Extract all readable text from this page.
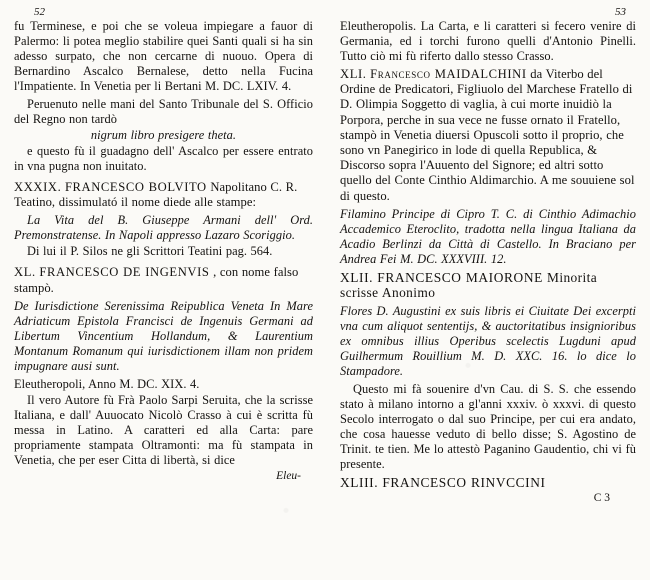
52

fu Terminese, e poi che se voleua impiegare a fauor di Palermo: li potea meglio stabilire quei Santi quali si ha sin adesso surpato, che non cercarne di nuouo. Opera di Bernardino Ascalco Bernalese, detto nella Fucina l'Impatiente. In Venetia per li Bertani M. DC. LXIV. 4.

Peruenuto nelle mani del Santo Tribunale del S. Officio del Regno non tardò

nigrum libro presigere theta.

e questo fù il guadagno dell' Ascalco per essere entrato in vna pugna non inuitato.

XXXIX. FRANCESCO BOLVITO Napolitano C. R. Teatino, dissimulató il nome diede alle stampe:

La Vita del B. Giuseppe Armani dell' Ord. Premonstratense. In Napoli appresso Lazaro Scoriggio.

Di lui il P. Silos ne gli Scrittori Teatini pag. 564.

XL. FRANCESCO DE INGENVIS , con nome falso stampò.

De Iurisdictione Serenissima Reipublica Veneta In Mare Adriaticum Epistola Francisci de Ingenuis Germani ad Libertum Vincentium Hollandum, & Laurentium Montanum Romanum qui iurisdictionem illam non pridem impugnare ausi sunt.

Eleutheropoli, Anno M. DC. XIX. 4.

Il vero Autore fù Frà Paolo Sarpi Seruita, che la scrisse Italiana, e dall' Auuocato Nicolò Crasso à cui è scritta fù messa in Latino. A caratteri ed alla Carta: pare propriamente stampata Oltramonti: ma fù stampata in Venetia, che per eser Citta di libertà, si dice

Eleu-

53

Eleutheropolis. La Carta, e li caratteri si fecero venire di Germania, ed i torchi furono quelli d'Antonio Pinelli. Tutto ciò mi fù riferto dallo stesso Crasso.

XLI. Francesco MAIDALCHINI da Viterbo del Ordine de Predicatori, Figliuolo del Marchese Fratello di D. Olimpia Soggetto di vaglia, à cui morte inuidiò la Porpora, perche in sua vece ne fusse ornato il Fratello, stampò in Venetia diuersi Opuscoli sotto il proprio, che sono vn Panegirico in lode di quella Republica, & Discorso sopra l'Auuento del Signore; ed altri sotto quello del Conte Cinthio Aldimarchio. A me souuiene sol di questo.

Filamino Principe di Cipro T. C. di Cinthio Adimachio Accademico Eteroclito, tradotta nella lingua Italiana da Acadio Berlinzi da Città di Castello. In Braciano per Andrea Fei M. DC. XXXVIII. 12.

XLII. FRANCESCO MAIORONE Minorita scrisse Anonimo

Flores D. Augustini ex suis libris ei Ciuitate Dei excerpti vna cum aliquot sententijs, & auctoritatibus insignioribus ex omnibus illius Operibus scelectis Lugduni apud Guilhermum Rouillium M. D. XXC. 16. lo dice lo Stampadore.

Questo mi fà souenire d'vn Cau. di S. S. che essendo stato à milano intorno a gl'anni xxxiv. ò xxxvi. di questo Secolo interrogato o dal suo Principe, per cui era andato, che cosa hauesse veduto di bello disse; S. Agostino de Trinit. te tien. Me lo attestò Paganino Gaudentio, chi vi fù presente.

XLIII. FRANCESCO RINVCCINI

C 3
